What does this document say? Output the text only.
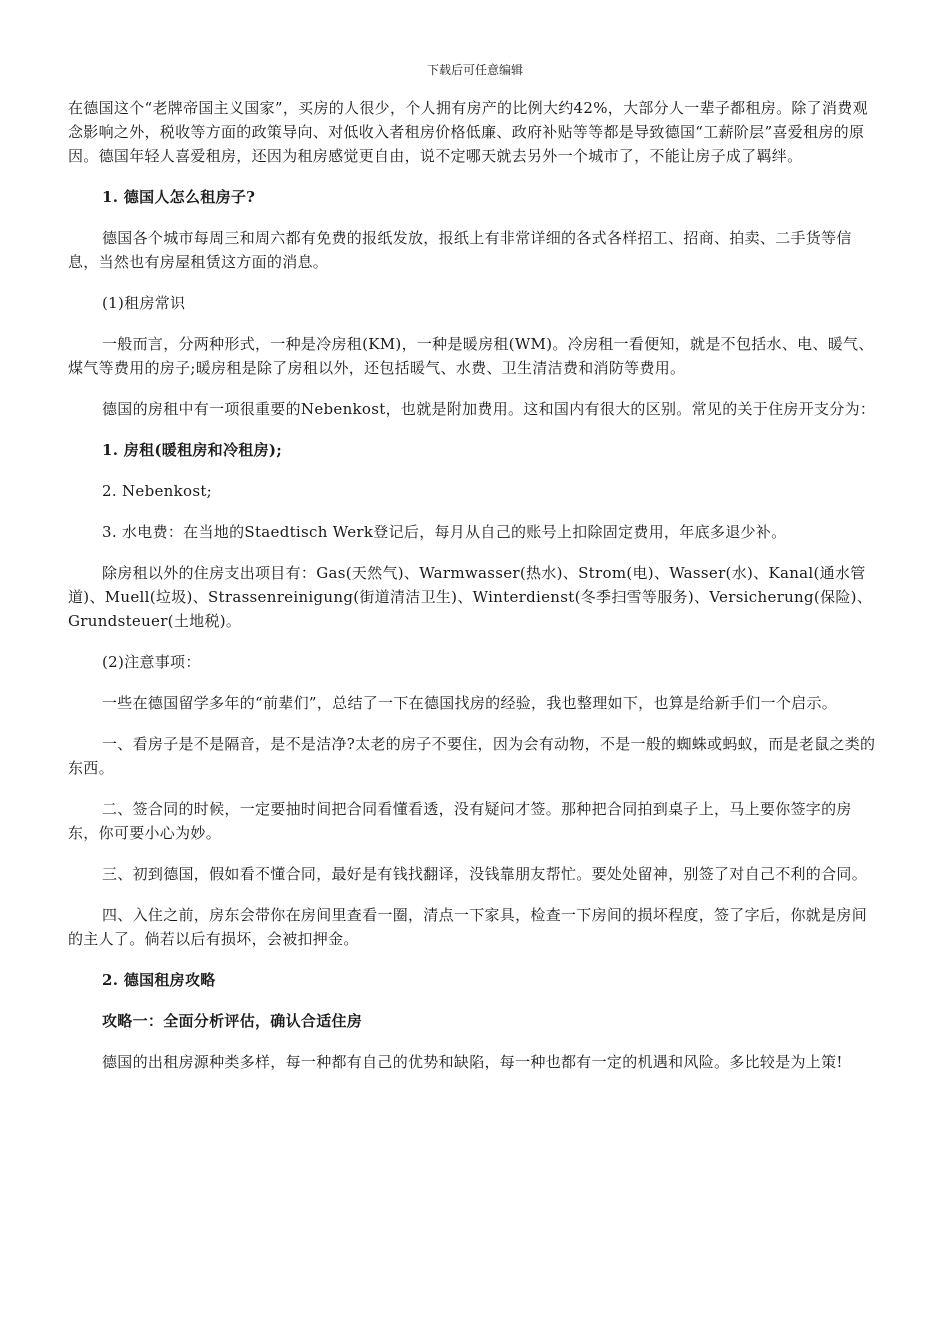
下载后可任意编辑

在德国这个“老牌帝国主义国家”，买房的人很少，个人拥有房产的比例大约42%，大部分人一辈子都租房。除了消费观念影响之外，税收等方面的政策导向、对低收入者租房价格低廉、政府补贴等等都是导致德国“工薪阶层”喜爱租房的原因。德国年轻人喜爱租房，还因为租房感觉更自由，说不定哪天就去另外一个城市了，不能让房子成了羁绊。

1. 德国人怎么租房子?

德国各个城市每周三和周六都有免费的报纸发放，报纸上有非常详细的各式各样招工、招商、拍卖、二手货等信息，当然也有房屋租赁这方面的消息。

(1)租房常识

一般而言，分两种形式，一种是冷房租(KM)，一种是暖房租(WM)。冷房租一看便知，就是不包括水、电、暖气、煤气等费用的房子;暖房租是除了房租以外，还包括暖气、水费、卫生清洁费和消防等费用。

德国的房租中有一项很重要的Nebenkost，也就是附加费用。这和国内有很大的区别。常见的关于住房开支分为：

1. 房租(暖租房和冷租房);

2. Nebenkost;

3. 水电费：在当地的Staedtisch Werk登记后，每月从自己的账号上扣除固定费用，年底多退少补。

除房租以外的住房支出项目有：Gas(天然气)、Warmwasser(热水)、Strom(电)、Wasser(水)、Kanal(通水管道)、Muell(垃圾)、Strassenreinigung(街道清洁卫生)、Winterdienst(冬季扫雪等服务)、Versicherung(保险)、Grundsteuer(土地税)。

(2)注意事项：

一些在德国留学多年的“前辈们”，总结了一下在德国找房的经验，我也整理如下，也算是给新手们一个启示。

一、看房子是不是隔音，是不是洁净?太老的房子不要住，因为会有动物，不是一般的蜘蛛或蚂蚁，而是老鼠之类的东西。

二、签合同的时候，一定要抽时间把合同看懂看透，没有疑问才签。那种把合同拍到桌子上，马上要你签字的房东，你可要小心为妙。

三、初到德国，假如看不懂合同，最好是有钱找翻译，没钱靠朋友帮忙。要处处留神，别签了对自己不利的合同。

四、入住之前，房东会带你在房间里查看一圈，清点一下家具，检查一下房间的损坏程度，签了字后，你就是房间的主人了。倘若以后有损坏，会被扣押金。

2. 德国租房攻略

攻略一：全面分析评估，确认合适住房

德国的出租房源种类多样，每一种都有自己的优势和缺陷，每一种也都有一定的机遇和风险。多比较是为上策!
